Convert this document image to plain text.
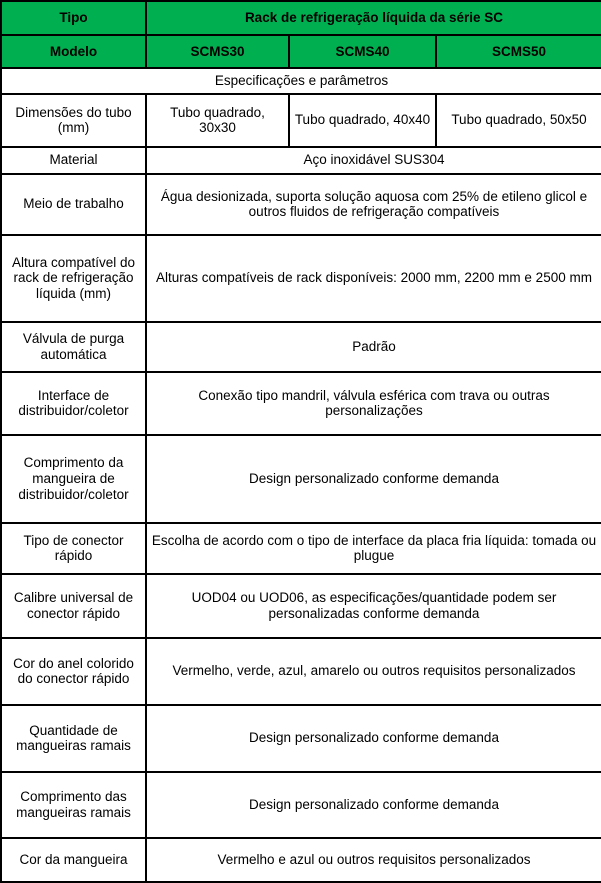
Tipo	Rack de refrigeração líquida da série SC		
Modelo	SCMS30	SCMS40	SCMS50
Especificações e parâmetros			
Dimensões do tubo (mm)	Tubo quadrado, 30x30	Tubo quadrado, 40x40	Tubo quadrado, 50x50
Material	Aço inoxidável SUS304		
Meio de trabalho	Água desionizada, suporta solução aquosa com 25% de etileno glicol e outros fluidos de refrigeração compatíveis		
Altura compatível do rack de refrigeração líquida (mm)	Alturas compatíveis de rack disponíveis: 2000 mm, 2200 mm e 2500 mm		
Válvula de purga automática	Padrão		
Interface de distribuidor/coletor	Conexão tipo mandril, válvula esférica com trava ou outras personalizações		
Comprimento da mangueira de distribuidor/coletor	Design personalizado conforme demanda		
Tipo de conector rápido	Escolha de acordo com o tipo de interface da placa fria líquida: tomada ou plugue		
Calibre universal de conector rápido	UOD04 ou UOD06, as especificações/quantidade podem ser personalizadas conforme demanda		
Cor do anel colorido do conector rápido	Vermelho, verde, azul, amarelo ou outros requisitos personalizados		
Quantidade de mangueiras ramais	Design personalizado conforme demanda		
Comprimento das mangueiras ramais	Design personalizado conforme demanda		
Cor da mangueira	Vermelho e azul ou outros requisitos personalizados		
